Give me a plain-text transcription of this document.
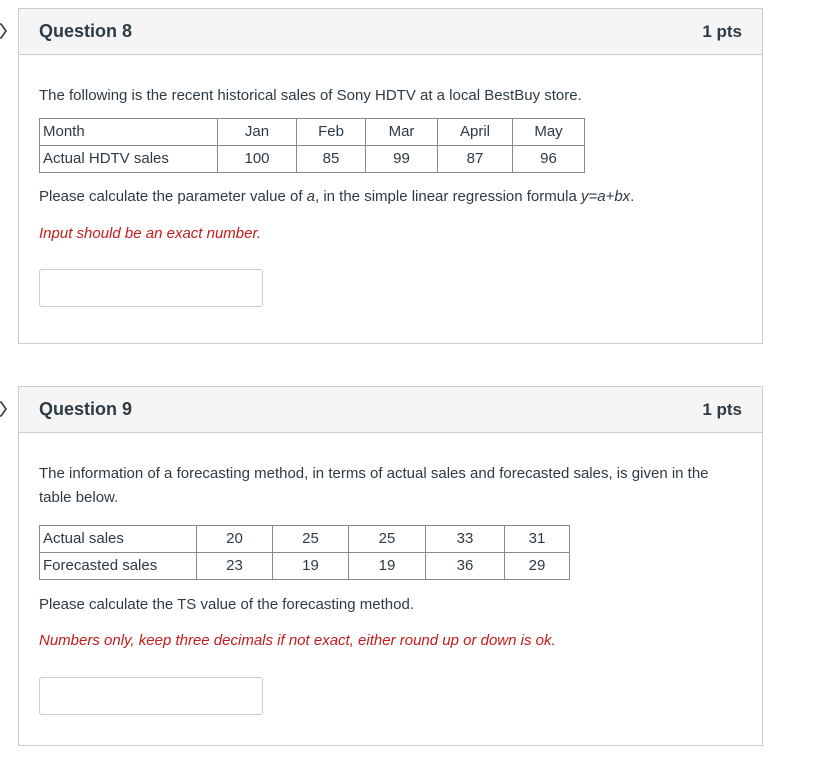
Question 8	1 pts

The following is the recent historical sales of Sony HDTV at a local BestBuy store.

Month	Jan	Feb	Mar	April	May
Actual HDTV sales	100	85	99	87	96

Please calculate the parameter value of a, in the simple linear regression formula y=a+bx.

Input should be an exact number.

Question 9	1 pts

The information of a forecasting method, in terms of actual sales and forecasted sales, is given in the table below.

Actual sales	20	25	25	33	31
Forecasted sales	23	19	19	36	29

Please calculate the TS value of the forecasting method.

Numbers only, keep three decimals if not exact, either round up or down is ok.
